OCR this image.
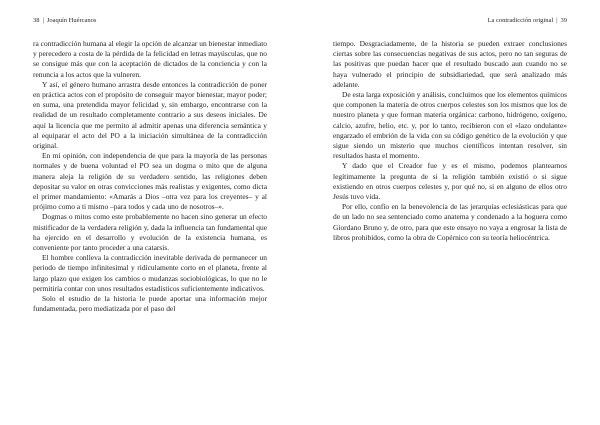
38 | Joaquín Huércanos

ra contradicción humana al elegir la opción de alcanzar un bienestar inmediato y perecedero a costa de la pérdida de la felicidad en letras mayúsculas, que no se consigue más que con la aceptación de dictados de la conciencia y con la renuncia a los actos que la vulneren.

Y así, el género humano arrastra desde entonces la contradicción de poner en práctica actos con el propósito de conseguir mayor bienestar, mayor poder; en suma, una pretendida mayor felicidad y, sin embargo, encontrarse con la realidad de un resultado completamente contrario a sus deseos iniciales. De aquí la licencia que me permito al admitir apenas una diferencia semántica y al equiparar el acto del PO a la iniciación simultánea de la contradicción original.

En mi opinión, con independencia de que para la mayoría de las personas normales y de buena voluntad el PO sea un dogma o mito que de alguna manera aleja la religión de su verdadero sentido, las religiones deben depositar su valor en otras convicciones más realistas y exigentes, como dicta el primer mandamiento: «Amarás a Dios –otra vez para los creyentes– y al prójimo como a ti mismo –para todos y cada uno de nosotros–».

Dogmas o mitos como este probablemente no hacen sino generar un efecto mistificador de la verdadera religión y, dada la influencia tan fundamental que ha ejercido en el desarrollo y evolución de la existencia humana, es conveniente por tanto proceder a una catarsis.

El hombre conlleva la contradicción inevitable derivada de permanecer un periodo de tiempo infinitesimal y ridículamente corto en el planeta, frente al largo plazo que exigen los cambios o mudanzas sociobiológicas, lo que no le permitiría contar con unos resultados estadísticos suficientemente indicativos.

Solo el estudio de la historia le puede aportar una información mejor fundamentada, pero mediatizada por el paso del

La contradicción original | 39

tiempo. Desgraciadamente, de la historia se pueden extraer conclusiones ciertas sobre las consecuencias negativas de sus actos, pero no tan seguras de las positivas que puedan hacer que el resultado buscado aun cuando no se haya vulnerado el principio de subsidiariedad, que será analizado más adelante.

De esta larga exposición y análisis, concluimos que los elementos químicos que componen la materia de otros cuerpos celestes son los mismos que los de nuestro planeta y que forman materia orgánica: carbono, hidrógeno, oxígeno, calcio, azufre, helio, etc. y, por lo tanto, recibieron con el «lazo ondulante» engarzado el embrión de la vida con su código genético de la evolución y que sigue siendo un misterio que muchos científicos intentan resolver, sin resultados hasta el momento.

Y dado que el Creador fue y es el mismo, podemos plantearnos legítimamente la pregunta de si la religión también existió o si sigue existiendo en otros cuerpos celestes y, por qué no, si en alguno de ellos otro Jesús tuvo vida.

Por ello, confío en la benevolencia de las jerarquías eclesiásticas para que de un lado no sea sentenciado como anatema y condenado a la hoguera como Giordano Bruno y, de otro, para que este ensayo no vaya a engrosar la lista de libros prohibidos, como la obra de Copérnico con su teoría heliocéntrica.
